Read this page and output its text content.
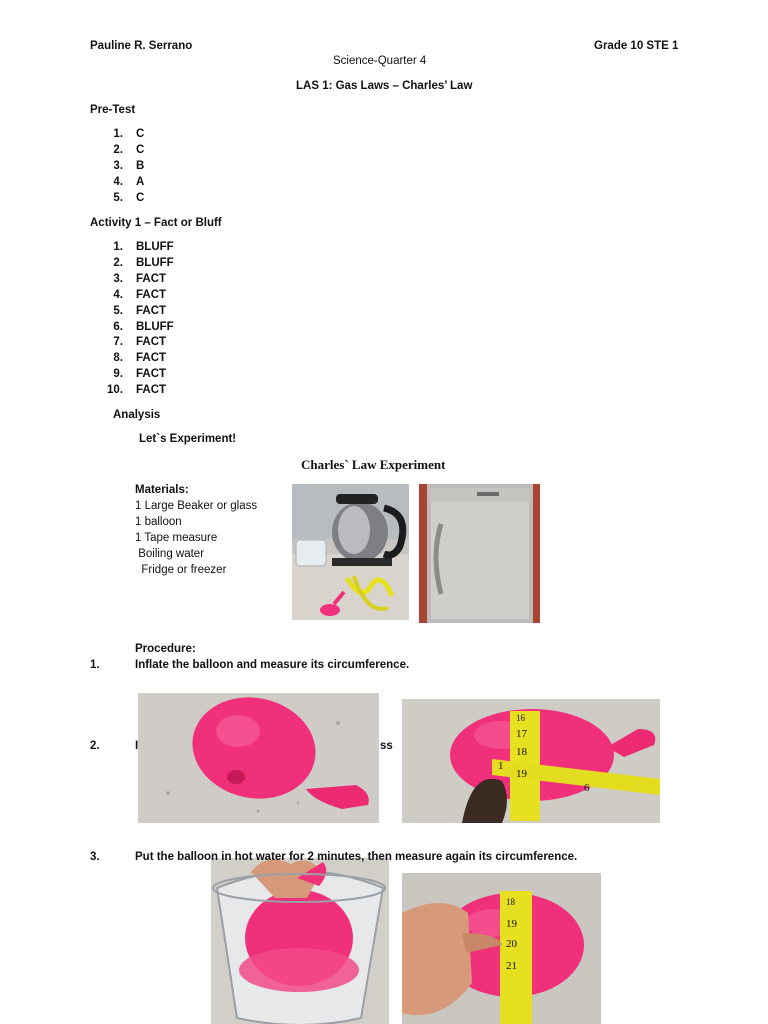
Pauline R. Serrano	Grade 10 STE 1
Science-Quarter 4
LAS 1: Gas Laws – Charles’ Law
Pre-Test
1. C
2. C
3. B
4. A
5. C
Activity 1 – Fact or Bluff
1. BLUFF
2. BLUFF
3. FACT
4. FACT
5. FACT
6. BLUFF
7. FACT
8. FACT
9. FACT
10. FACT
Analysis
Let`s Experiment!
Charles` Law Experiment
Materials:
1 Large Beaker or glass
1 balloon
1 Tape measure
Boiling water
Fridge or freezer
Procedure:
1.	Inflate the balloon and measure its circumference.
2.	I	ss
16
17
18
1
19
6
18
19
20
21
3.	Put the balloon in hot water for 2 minutes, then measure again its circumference.
